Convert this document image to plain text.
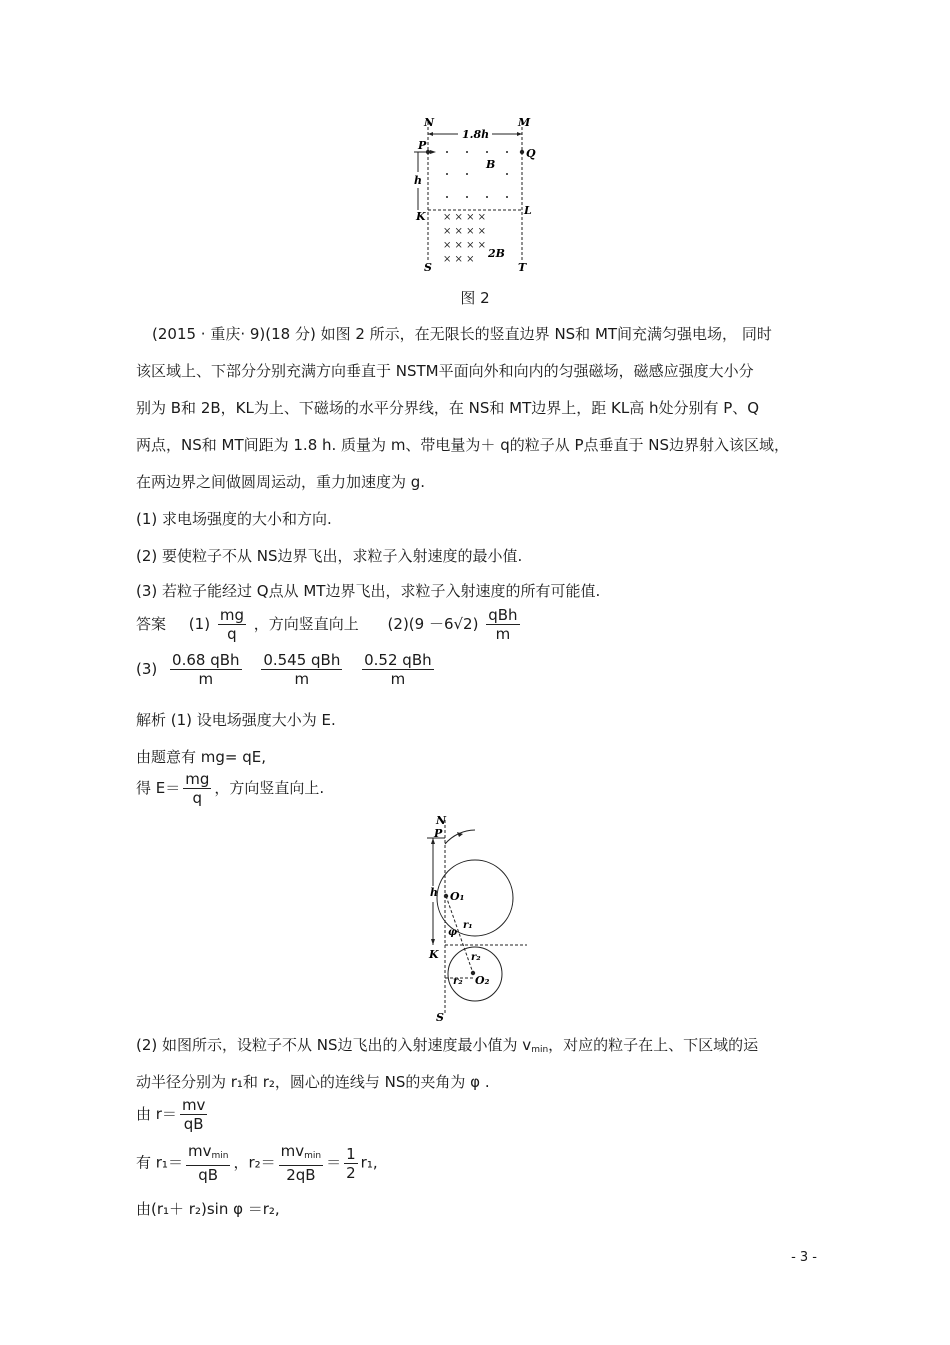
× × × ×
× × × ×
× × × ×
× × ×
N	M
1.8h
P
Q
B
h
K	L
2B
S	T
图 2
(2015 · 重庆· 9)(18 分) 如图 2 所示，在无限长的竖直边界 NS和 MT间充满匀强电场， 同时
该区域上、下部分分别充满方向垂直于 NSTM平面向外和向内的匀强磁场，磁感应强度大小分
别为 B和 2B，KL为上、下磁场的水平分界线，在 NS和 MT边界上，距 KL高 h处分别有 P、Q
两点，NS和 MT间距为 1.8 h. 质量为 m、带电量为＋ q的粒子从 P点垂直于 NS边界射入该区域，
在两边界之间做圆周运动，重力加速度为 g.
(1) 求电场强度的大小和方向.
(2) 要使粒子不从 NS边界飞出，求粒子入射速度的最小值.
(3) 若粒子能经过 Q点从 MT边界飞出，求粒子入射速度的所有可能值.
答案 $(1) \frac{mg}{q}$ ，方向竖直向上 $(2)(9 -6√2) \frac{\text{qBh}}{m}$
$(3) \frac{\text{0.68 qBh}}{m}$
$\frac{\text{0.545 qBh}}{m}$
$\frac{\text{0.52 qBh}}{m}$
解析 (1) 设电场强度大小为 E.
由题意有 mg= qE,
得 $E= \frac{mg}{q}$ ，方向竖直向上.
N
P
h O₁
r₁
φ
K	r₂
r₂ O₂
S
(2) 如图所示，设粒子不从 NS边飞出的入射速度最小值为 $v_{min}$，对应的粒子在上、下区域的运
动半径分别为 r₁和 r₂，圆心的连线与 NS的夹角为 φ .
由 $r= \frac{mv}{qB}$
有 $r_1= \frac{mv_{min}}{qB}$ ，$r_2= \frac{mv_{min}}{2qB} = \frac{1}{2} r_1$,
由(r₁＋ r₂)sin φ ＝r₂,
- 3 -
